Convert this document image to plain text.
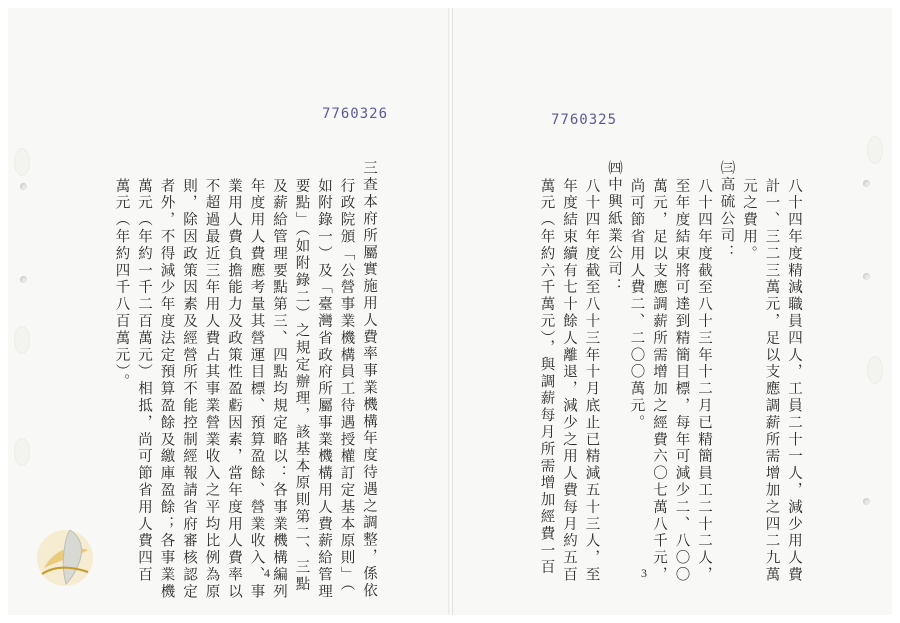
7760326
三查本府所屬實施用人費率事業機構年度待遇之調整，係依
行政院頒「公營事業機構員工待遇授權訂定基本原則」（
如附錄一）及「臺灣省政府所屬事業機構用人費薪給管理
要點」（如附錄二）之規定辦理，該基本原則第二、三點
及薪給管理要點第三、四點均規定略以：各事業機構編列
年度用人費應考量其營運目標、預算盈餘、營業收入、事
業用人費負擔能力及政策性盈虧因素，當年度用人費率以
不超過最近三年用人費占其事業營業收入之平均比例為原
則，除因政策因素及經營所不能控制經報請省府審核認定
者外，不得減少年度法定預算盈餘及繳庫盈餘；各事業機
萬元（年約一千二百萬元）相抵，尚可節省用人費四百
萬元（年約四千八百萬元）。
4
7760325
八十四年度精減職員四人，工員二十一人，減少用人費
計一、三二三萬元，足以支應調薪所需增加之四二九萬
元之費用。
㈢高硫公司：
八十四年度截至八十三年十二月已精簡員工二十二人，
至年度結束將可達到精簡目標，每年可減少二、八〇〇
萬元，足以支應調薪所需增加之經費六〇七萬八千元，
尚可節省用人費二、二〇〇萬元。
㈣中興紙業公司：
八十四年度截至八十三年十月底止已精減五十三人，至
年度結束續有七十餘人離退，減少之用人費每月約五百
萬元（年約六千萬元），與調薪每月所需增加經費一百	3
